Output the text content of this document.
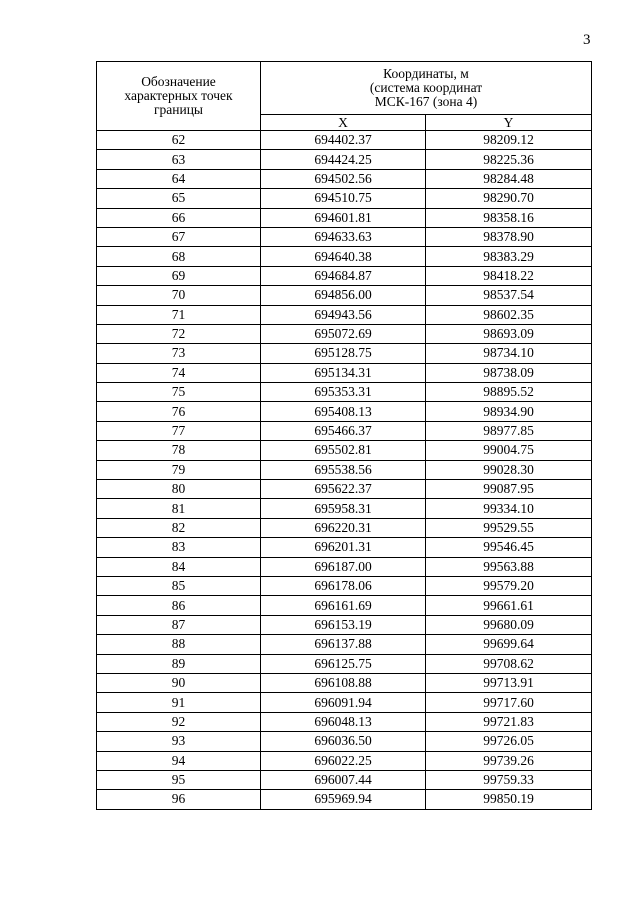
3
Обозначение
характерных точек
границы	Координаты, м
(система координат
МСК-167 (зона 4)	

	X	Y
62	694402.37	98209.12
63	694424.25	98225.36
64	694502.56	98284.48
65	694510.75	98290.70
66	694601.81	98358.16
67	694633.63	98378.90
68	694640.38	98383.29
69	694684.87	98418.22
70	694856.00	98537.54
71	694943.56	98602.35
72	695072.69	98693.09
73	695128.75	98734.10
74	695134.31	98738.09
75	695353.31	98895.52
76	695408.13	98934.90
77	695466.37	98977.85
78	695502.81	99004.75
79	695538.56	99028.30
80	695622.37	99087.95
81	695958.31	99334.10
82	696220.31	99529.55
83	696201.31	99546.45
84	696187.00	99563.88
85	696178.06	99579.20
86	696161.69	99661.61
87	696153.19	99680.09
88	696137.88	99699.64
89	696125.75	99708.62
90	696108.88	99713.91
91	696091.94	99717.60
92	696048.13	99721.83
93	696036.50	99726.05
94	696022.25	99739.26
95	696007.44	99759.33
96	695969.94	99850.19
